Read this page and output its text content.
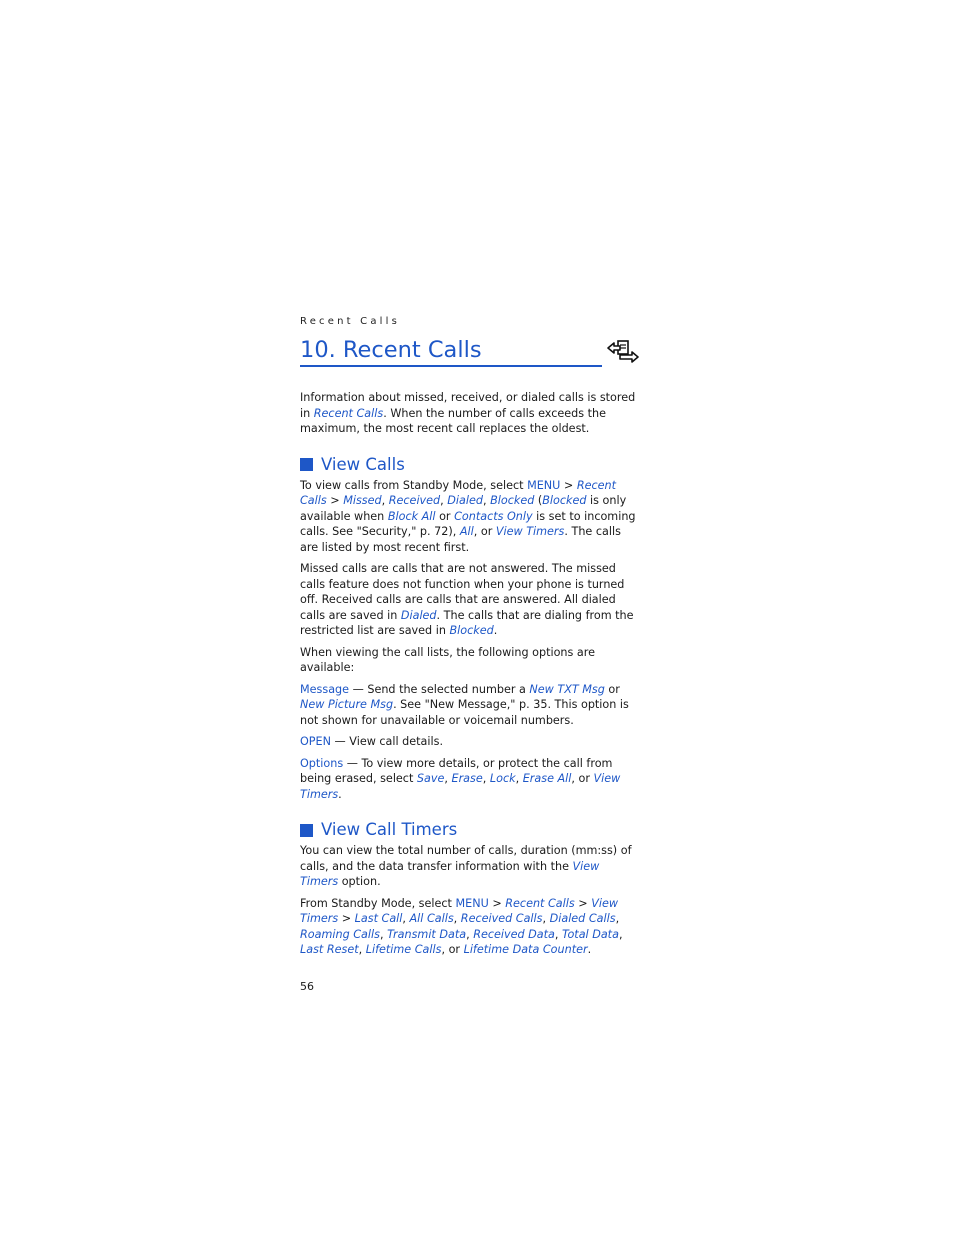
Recent Calls
10. Recent Calls

Information about missed, received, or dialed calls is stored in Recent Calls. When the number of calls exceeds the maximum, the most recent call replaces the oldest.

View Calls

To view calls from Standby Mode, select MENU > Recent Calls > Missed, Received, Dialed, Blocked (Blocked is only available when Block All or Contacts Only is set to incoming calls. See "Security," p. 72), All, or View Timers. The calls are listed by most recent first.

Missed calls are calls that are not answered. The missed calls feature does not function when your phone is turned off. Received calls are calls that are answered. All dialed calls are saved in Dialed. The calls that are dialing from the restricted list are saved in Blocked.

When viewing the call lists, the following options are available:

Message — Send the selected number a New TXT Msg or New Picture Msg. See "New Message," p. 35. This option is not shown for unavailable or voicemail numbers.

OPEN — View call details.

Options — To view more details, or protect the call from being erased, select Save, Erase, Lock, Erase All, or View Timers.

View Call Timers

You can view the total number of calls, duration (mm:ss) of calls, and the data transfer information with the View Timers option.

From Standby Mode, select MENU > Recent Calls > View Timers > Last Call, All Calls, Received Calls, Dialed Calls, Roaming Calls, Transmit Data, Received Data, Total Data, Last Reset, Lifetime Calls, or Lifetime Data Counter.

56
